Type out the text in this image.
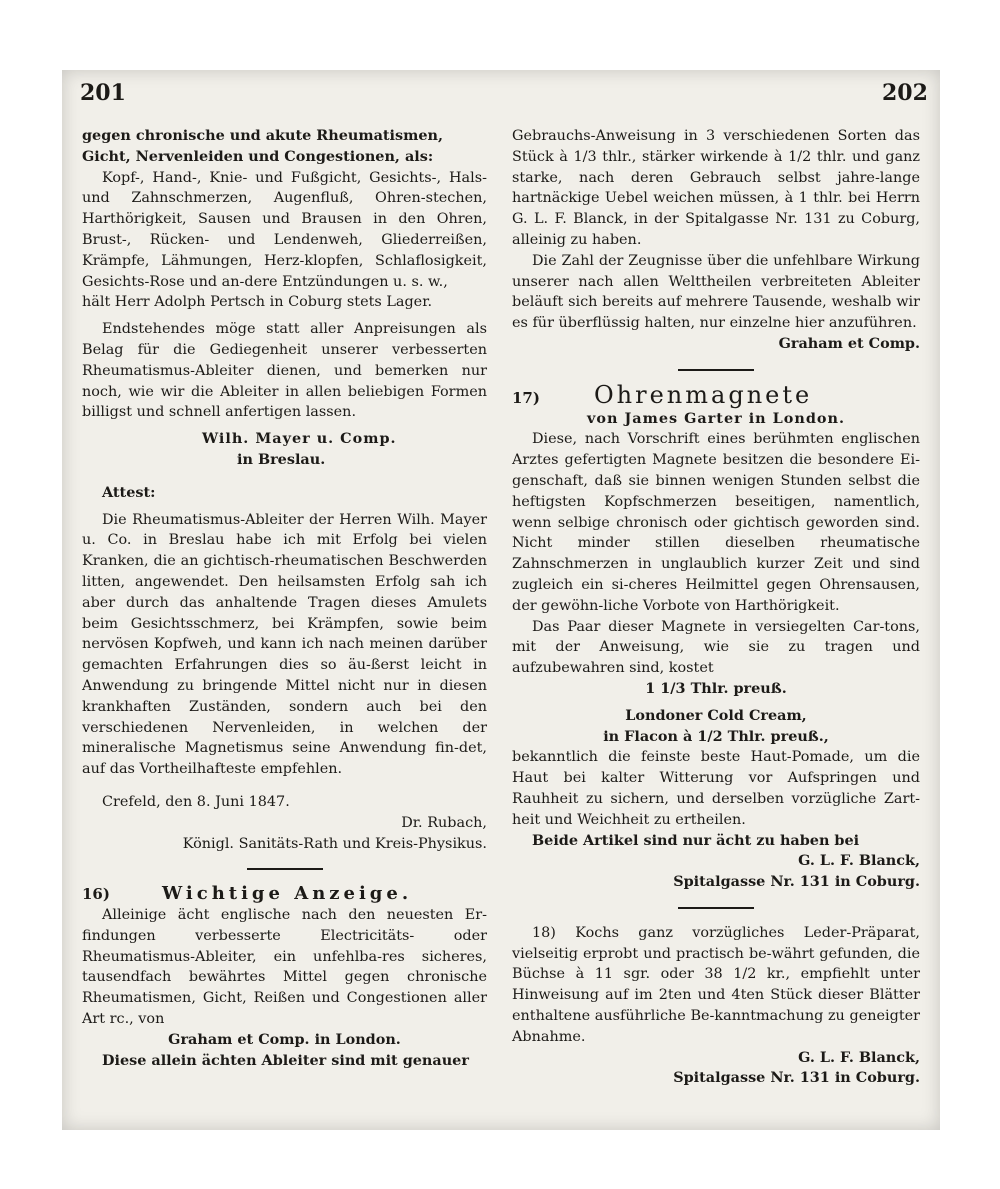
201	202

gegen chronische und akute Rheumatismen,

Gicht, Nervenleiden und Congestionen, als:

Kopf-, Hand-, Knie- und Fußgicht, Gesichts-, Hals- und Zahnschmerzen, Augenfluß, Ohren-stechen, Harthörigkeit, Sausen und Brausen in den Ohren, Brust-, Rücken- und Lendenweh, Gliederreißen, Krämpfe, Lähmungen, Herz-klopfen, Schlaflosigkeit, Gesichts-Rose und an-dere Entzündungen u. s. w.,

hält Herr Adolph Pertsch in Coburg stets Lager.

Endstehendes möge statt aller Anpreisungen als Belag für die Gediegenheit unserer verbesserten Rheumatismus-Ableiter dienen, und bemerken nur noch, wie wir die Ableiter in allen beliebigen Formen billigst und schnell anfertigen lassen.

Wilh. Mayer u. Comp.

in Breslau.

Attest:

Die Rheumatismus-Ableiter der Herren Wilh. Mayer u. Co. in Breslau habe ich mit Erfolg bei vielen Kranken, die an gichtisch-rheumatischen Beschwerden litten, angewendet. Den heilsamsten Erfolg sah ich aber durch das anhaltende Tragen dieses Amulets beim Gesichtsschmerz, bei Krämpfen, sowie beim nervösen Kopfweh, und kann ich nach meinen darüber gemachten Erfahrungen dies so äu-ßerst leicht in Anwendung zu bringende Mittel nicht nur in diesen krankhaften Zuständen, sondern auch bei den verschiedenen Nervenleiden, in welchen der mineralische Magnetismus seine Anwendung fin-det, auf das Vortheilhafteste empfehlen.

Crefeld, den 8. Juni 1847.

Dr. Rubach,

Königl. Sanitäts-Rath und Kreis-Physikus.

16)	Wichtige Anzeige.

Alleinige ächt englische nach den neuesten Er-findungen verbesserte Electricitäts- oder Rheumatismus-Ableiter, ein unfehlba-res sicheres, tausendfach bewährtes Mittel gegen chronische Rheumatismen, Gicht, Reißen und Congestionen aller Art rc., von

Graham et Comp. in London.

Diese allein ächten Ableiter sind mit genauer

Gebrauchs-Anweisung in 3 verschiedenen Sorten das Stück à 1/3 thlr., stärker wirkende à 1/2 thlr. und ganz starke, nach deren Gebrauch selbst jahre-lange hartnäckige Uebel weichen müssen, à 1 thlr. bei Herrn G. L. F. Blanck, in der Spitalgasse Nr. 131 zu Coburg, alleinig zu haben.

Die Zahl der Zeugnisse über die unfehlbare Wirkung unserer nach allen Welttheilen verbreiteten Ableiter beläuft sich bereits auf mehrere Tausende, weshalb wir es für überflüssig halten, nur einzelne hier anzuführen.

Graham et Comp.

17)	Ohrenmagnete

von James Garter in London.

Diese, nach Vorschrift eines berühmten englischen Arztes gefertigten Magnete besitzen die besondere Ei-genschaft, daß sie binnen wenigen Stunden selbst die heftigsten Kopfschmerzen beseitigen, namentlich, wenn selbige chronisch oder gichtisch geworden sind. Nicht minder stillen dieselben rheumatische Zahnschmerzen in unglaublich kurzer Zeit und sind zugleich ein si-cheres Heilmittel gegen Ohrensausen, der gewöhn-liche Vorbote von Harthörigkeit.

Das Paar dieser Magnete in versiegelten Car-tons, mit der Anweisung, wie sie zu tragen und aufzubewahren sind, kostet

1 1/3 Thlr. preuß.

Londoner Cold Cream,

in Flacon à 1/2 Thlr. preuß.,

bekanntlich die feinste beste Haut-Pomade, um die Haut bei kalter Witterung vor Aufspringen und Rauhheit zu sichern, und derselben vorzügliche Zart-heit und Weichheit zu ertheilen.

Beide Artikel sind nur ächt zu haben bei

G. L. F. Blanck,

Spitalgasse Nr. 131 in Coburg.

18) Kochs ganz vorzügliches Leder-Präparat, vielseitig erprobt und practisch be-währt gefunden, die Büchse à 11 sgr. oder 38 1/2 kr., empfiehlt unter Hinweisung auf im 2ten und 4ten Stück dieser Blätter enthaltene ausführliche Be-kanntmachung zu geneigter Abnahme.

G. L. F. Blanck,

Spitalgasse Nr. 131 in Coburg.
